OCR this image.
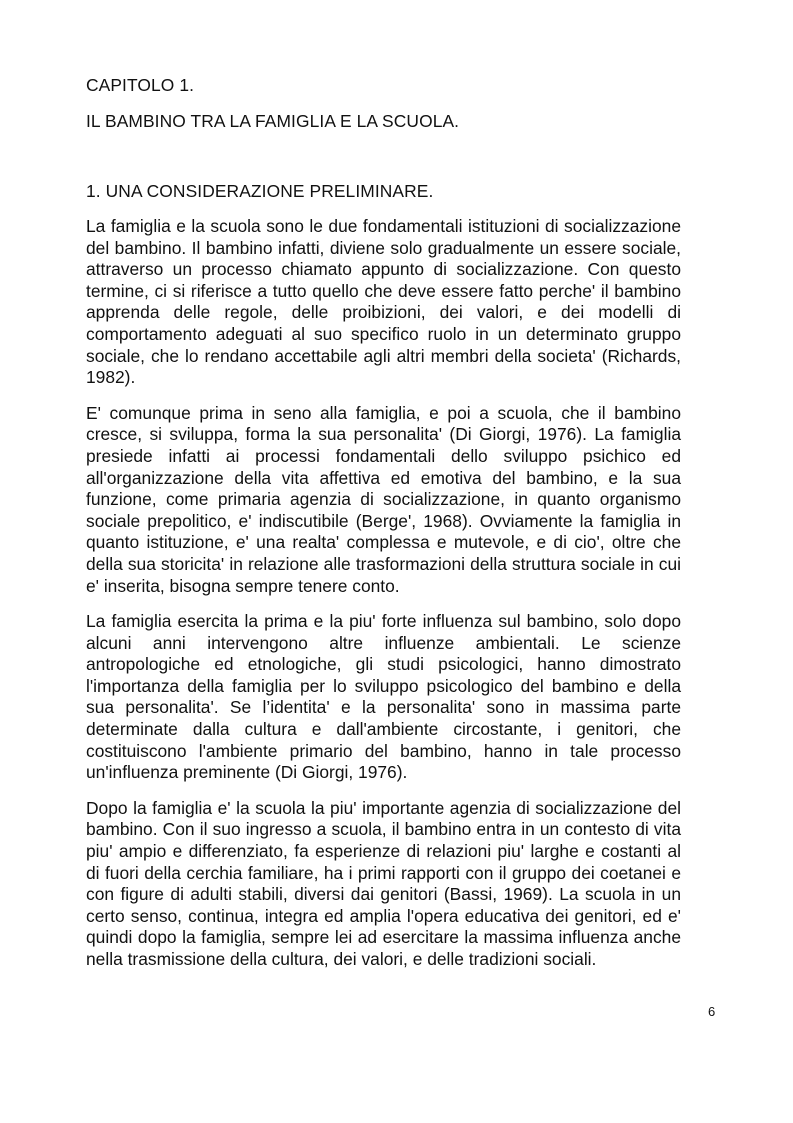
CAPITOLO 1.
IL BAMBINO TRA LA FAMIGLIA E LA SCUOLA.
1. UNA CONSIDERAZIONE PRELIMINARE.

La famiglia e la scuola sono le due fondamentali istituzioni di socializzazione del bambino. Il bambino infatti, diviene solo gradualmente un essere sociale, attraverso un processo chiamato appunto di socializzazione. Con questo termine, ci si riferisce a tutto quello che deve essere fatto perche' il bambino apprenda delle regole, delle proibizioni, dei valori, e dei modelli di comportamento adeguati al suo specifico ruolo in un determinato gruppo sociale, che lo rendano accettabile agli altri membri della societa' (Richards, 1982).

E' comunque prima in seno alla famiglia, e poi a scuola, che il bambino cresce, si sviluppa, forma la sua personalita' (Di Giorgi, 1976). La famiglia presiede infatti ai processi fondamentali dello sviluppo psichico ed all'organizzazione della vita affettiva ed emotiva del bambino, e la sua funzione, come primaria agenzia di socializzazione, in quanto organismo sociale prepolitico, e' indiscutibile (Berge', 1968). Ovviamente la famiglia in quanto istituzione, e' una realta' complessa e mutevole, e di cio', oltre che della sua storicita' in relazione alle trasformazioni della struttura sociale in cui e' inserita, bisogna sempre tenere conto.

La famiglia esercita la prima e la piu' forte influenza sul bambino, solo dopo alcuni anni intervengono altre influenze ambientali. Le scienze antropologiche ed etnologiche, gli studi psicologici, hanno dimostrato l'importanza della famiglia per lo sviluppo psicologico del bambino e della sua personalita'. Se l’identita' e la personalita' sono in massima parte determinate dalla cultura e dall'ambiente circostante, i genitori, che costituiscono l'ambiente primario del bambino, hanno in tale processo un'influenza preminente (Di Giorgi, 1976).

Dopo la famiglia e' la scuola la piu' importante agenzia di socializzazione del bambino. Con il suo ingresso a scuola, il bambino entra in un contesto di vita piu' ampio e differenziato, fa esperienze di relazioni piu' larghe e costanti al di fuori della cerchia familiare, ha i primi rapporti con il gruppo dei coetanei e con figure di adulti stabili, diversi dai genitori (Bassi, 1969). La scuola in un certo senso, continua, integra ed amplia l'opera educativa dei genitori, ed e' quindi dopo la famiglia, sempre lei ad esercitare la massima influenza anche nella trasmissione della cultura, dei valori, e delle tradizioni sociali.

6
